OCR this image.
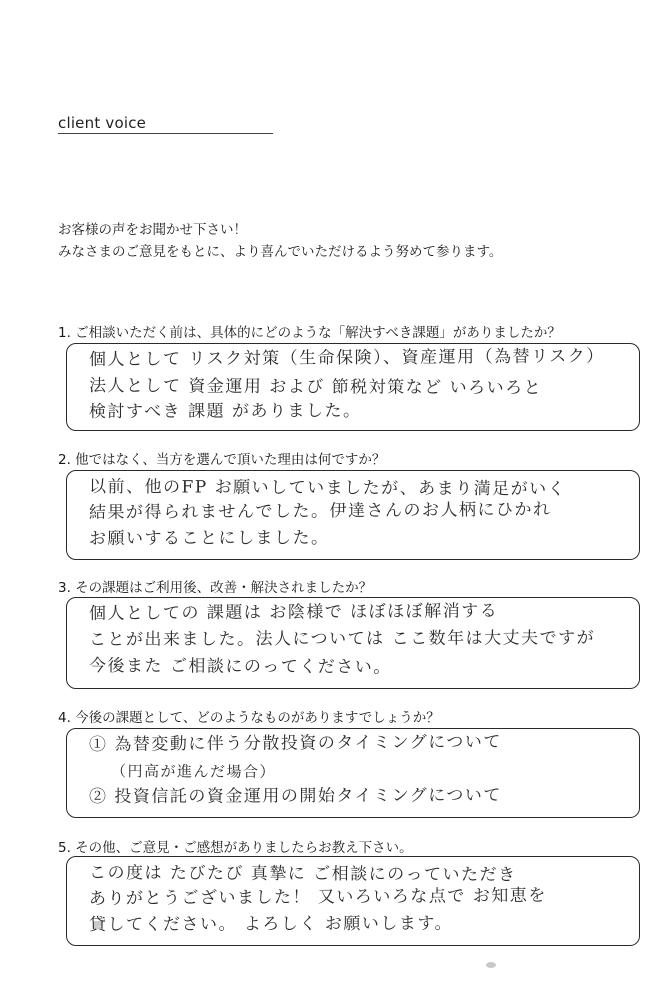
client voice
お客様の声をお聞かせ下さい！
みなさまのご意見をもとに、より喜んでいただけるよう努めて参ります。
1. ご相談いただく前は、具体的にどのような「解決すべき課題」がありましたか？
個人として リスク対策（生命保険）、資産運用（為替リスク）
法人として 資金運用 および 節税対策など いろいろと
検討すべき 課題 がありました。
2. 他ではなく、当方を選んで頂いた理由は何ですか？
以前、他のFP お願いしていましたが、あまり満足がいく
結果が得られませんでした。伊達さんのお人柄にひかれ
お願いすることにしました。
3. その課題はご利用後、改善・解決されましたか？
個人としての 課題は お陰様で ほぼほぼ解消する
ことが出来ました。法人については ここ数年は大丈夫ですが
今後また ご相談にのってください。
4. 今後の課題として、どのようなものがありますでしょうか？
① 為替変動に伴う分散投資のタイミングについて
（円高が進んだ場合）
② 投資信託の資金運用の開始タイミングについて
5. その他、ご意見・ご感想がありましたらお教え下さい。
この度は たびたび 真摯に ご相談にのっていただき
ありがとうございました！ 又いろいろな点で お知恵を
貸してください。 よろしく お願いします。
